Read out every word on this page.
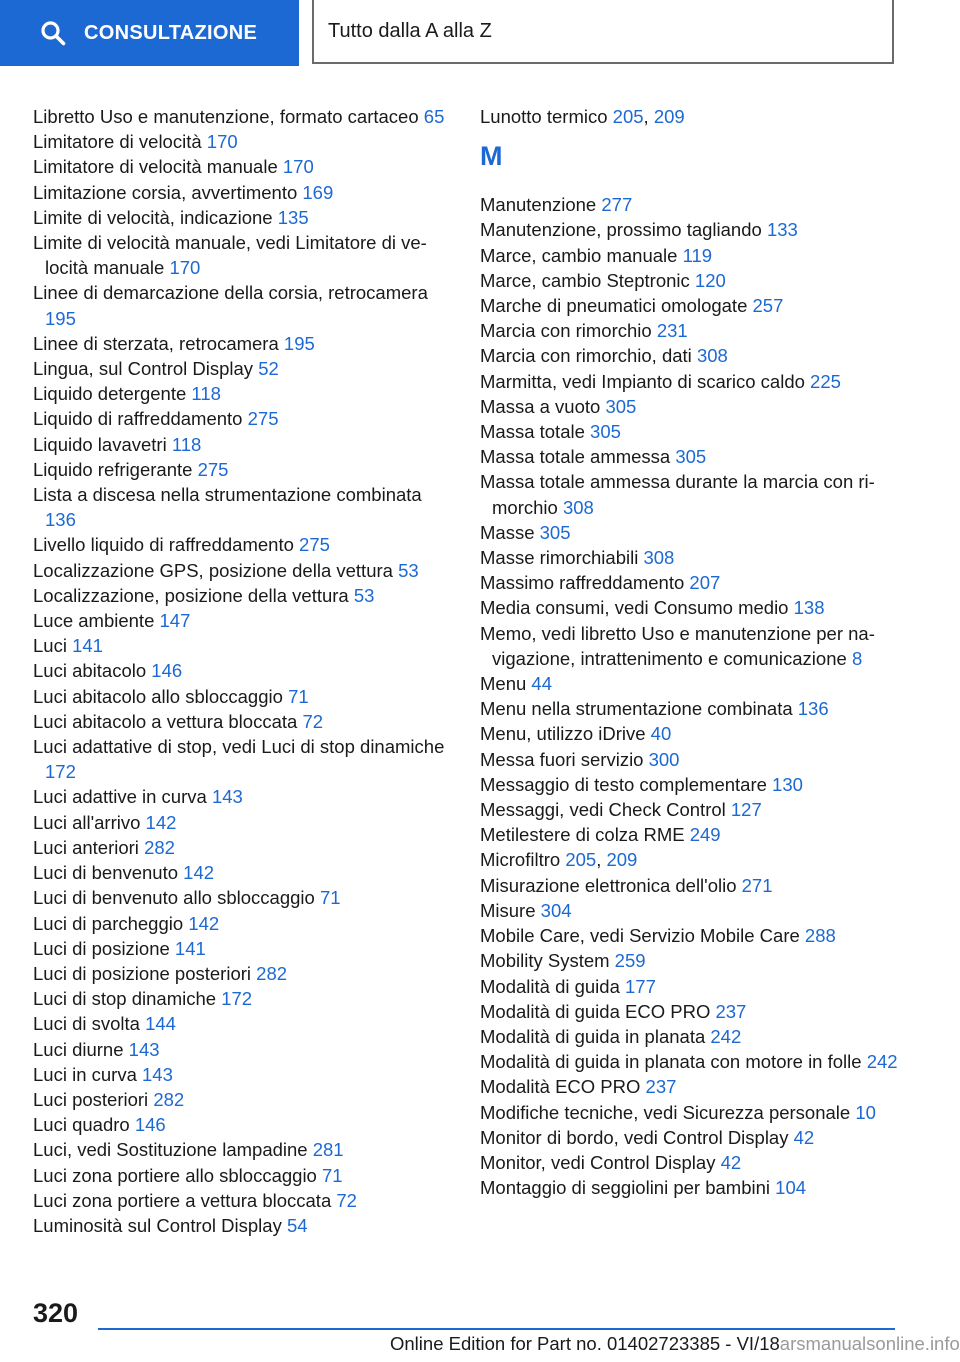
CONSULTAZIONE	Tutto dalla A alla Z
Libretto Uso e manutenzione, formato cartaceo 65
Limitatore di velocità 170
Limitatore di velocità manuale 170
Limitazione corsia, avvertimento 169
Limite di velocità, indicazione 135
Limite di velocità manuale, vedi Limitatore di velocità manuale 170
Linee di demarcazione della corsia, retrocamera 195
Linee di sterzata, retrocamera 195
Lingua, sul Control Display 52
Liquido detergente 118
Liquido di raffreddamento 275
Liquido lavavetri 118
Liquido refrigerante 275
Lista a discesa nella strumentazione combinata 136
Livello liquido di raffreddamento 275
Localizzazione GPS, posizione della vettura 53
Localizzazione, posizione della vettura 53
Luce ambiente 147
Luci 141
Luci abitacolo 146
Luci abitacolo allo sbloccaggio 71
Luci abitacolo a vettura bloccata 72
Luci adattative di stop, vedi Luci di stop dinamiche 172
Luci adattive in curva 143
Luci all'arrivo 142
Luci anteriori 282
Luci di benvenuto 142
Luci di benvenuto allo sbloccaggio 71
Luci di parcheggio 142
Luci di posizione 141
Luci di posizione posteriori 282
Luci di stop dinamiche 172
Luci di svolta 144
Luci diurne 143
Luci in curva 143
Luci posteriori 282
Luci quadro 146
Luci, vedi Sostituzione lampadine 281
Luci zona portiere allo sbloccaggio 71
Luci zona portiere a vettura bloccata 72
Luminosità sul Control Display 54
Lunotto termico 205, 209
M
Manutenzione 277
Manutenzione, prossimo tagliando 133
Marce, cambio manuale 119
Marce, cambio Steptronic 120
Marche di pneumatici omologate 257
Marcia con rimorchio 231
Marcia con rimorchio, dati 308
Marmitta, vedi Impianto di scarico caldo 225
Massa a vuoto 305
Massa totale 305
Massa totale ammessa 305
Massa totale ammessa durante la marcia con rimorchio 308
Masse 305
Masse rimorchiabili 308
Massimo raffreddamento 207
Media consumi, vedi Consumo medio 138
Memo, vedi libretto Uso e manutenzione per navigazione, intrattenimento e comunicazione 8
Menu 44
Menu nella strumentazione combinata 136
Menu, utilizzo iDrive 40
Messa fuori servizio 300
Messaggio di testo complementare 130
Messaggi, vedi Check Control 127
Metilestere di colza RME 249
Microfiltro 205, 209
Misurazione elettronica dell'olio 271
Misure 304
Mobile Care, vedi Servizio Mobile Care 288
Mobility System 259
Modalità di guida 177
Modalità di guida ECO PRO 237
Modalità di guida in planata 242
Modalità di guida in planata con motore in folle 242
Modalità ECO PRO 237
Modifiche tecniche, vedi Sicurezza personale 10
Monitor di bordo, vedi Control Display 42
Monitor, vedi Control Display 42
Montaggio di seggiolini per bambini 104
320
Online Edition for Part no. 01402723385 - VI/18arsmanualsonline.info
